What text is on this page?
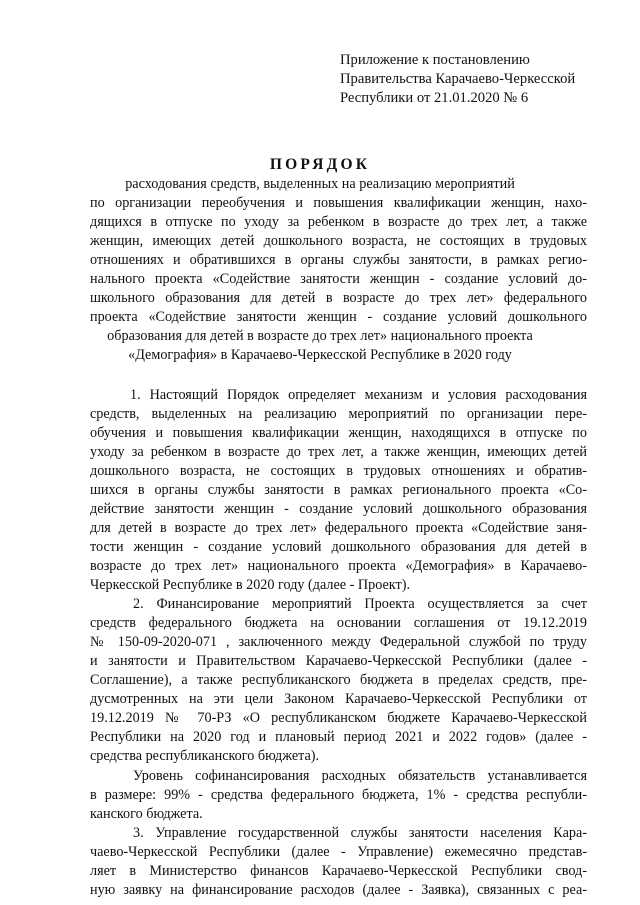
Приложение к постановлению
Правительства Карачаево-Черкесской
Республики от 21.01.2020 № 6
ПОРЯДОК
расходования средств, выделенных на реализацию мероприятий
по организации переобучения и повышения квалификации женщин, нахо-
дящихся в отпуске по уходу за ребенком в возрасте до трех лет, а также
женщин, имеющих детей дошкольного возраста, не состоящих в трудовых
отношениях и обратившихся в органы службы занятости, в рамках регио-
нального проекта «Содействие занятости женщин - создание условий до-
школьного образования для детей в возрасте до трех лет» федерального
проекта «Содействие занятости женщин - создание условий дошкольного
образования для детей в возрасте до трех лет» национального проекта
«Демография» в Карачаево-Черкесской Республике в 2020 году
1. Настоящий Порядок определяет механизм и условия расходования
средств, выделенных на реализацию мероприятий по организации пере-
обучения и повышения квалификации женщин, находящихся в отпуске по
уходу за ребенком в возрасте до трех лет, а также женщин, имеющих детей
дошкольного возраста, не состоящих в трудовых отношениях и обратив-
шихся в органы службы занятости в рамках регионального проекта «Со-
действие занятости женщин - создание условий дошкольного образования
для детей в возрасте до трех лет» федерального проекта «Содействие заня-
тости женщин - создание условий дошкольного образования для детей в
возрасте до трех лет» национального проекта «Демография» в Карачаево-
Черкесской Республике в 2020 году (далее - Проект).
2. Финансирование мероприятий Проекта осуществляется за счет
средств федерального бюджета на основании соглашения от 19.12.2019
№ 150-09-2020-071 , заключенного между Федеральной службой по труду
и занятости и Правительством Карачаево-Черкесской Республики (далее -
Соглашение), а также республиканского бюджета в пределах средств, пре-
дусмотренных на эти цели Законом Карачаево-Черкесской Республики от
19.12.2019 № 70-РЗ «О республиканском бюджете Карачаево-Черкесской
Республики на 2020 год и плановый период 2021 и 2022 годов» (далее -
средства республиканского бюджета).
Уровень софинансирования расходных обязательств устанавливается
в размере: 99% - средства федерального бюджета, 1% - средства республи-
канского бюджета.
3. Управление государственной службы занятости населения Кара-
чаево-Черкесской Республики (далее - Управление) ежемесячно представ-
ляет в Министерство финансов Карачаево-Черкесской Республики свод-
ную заявку на финансирование расходов (далее - Заявка), связанных с реа-
